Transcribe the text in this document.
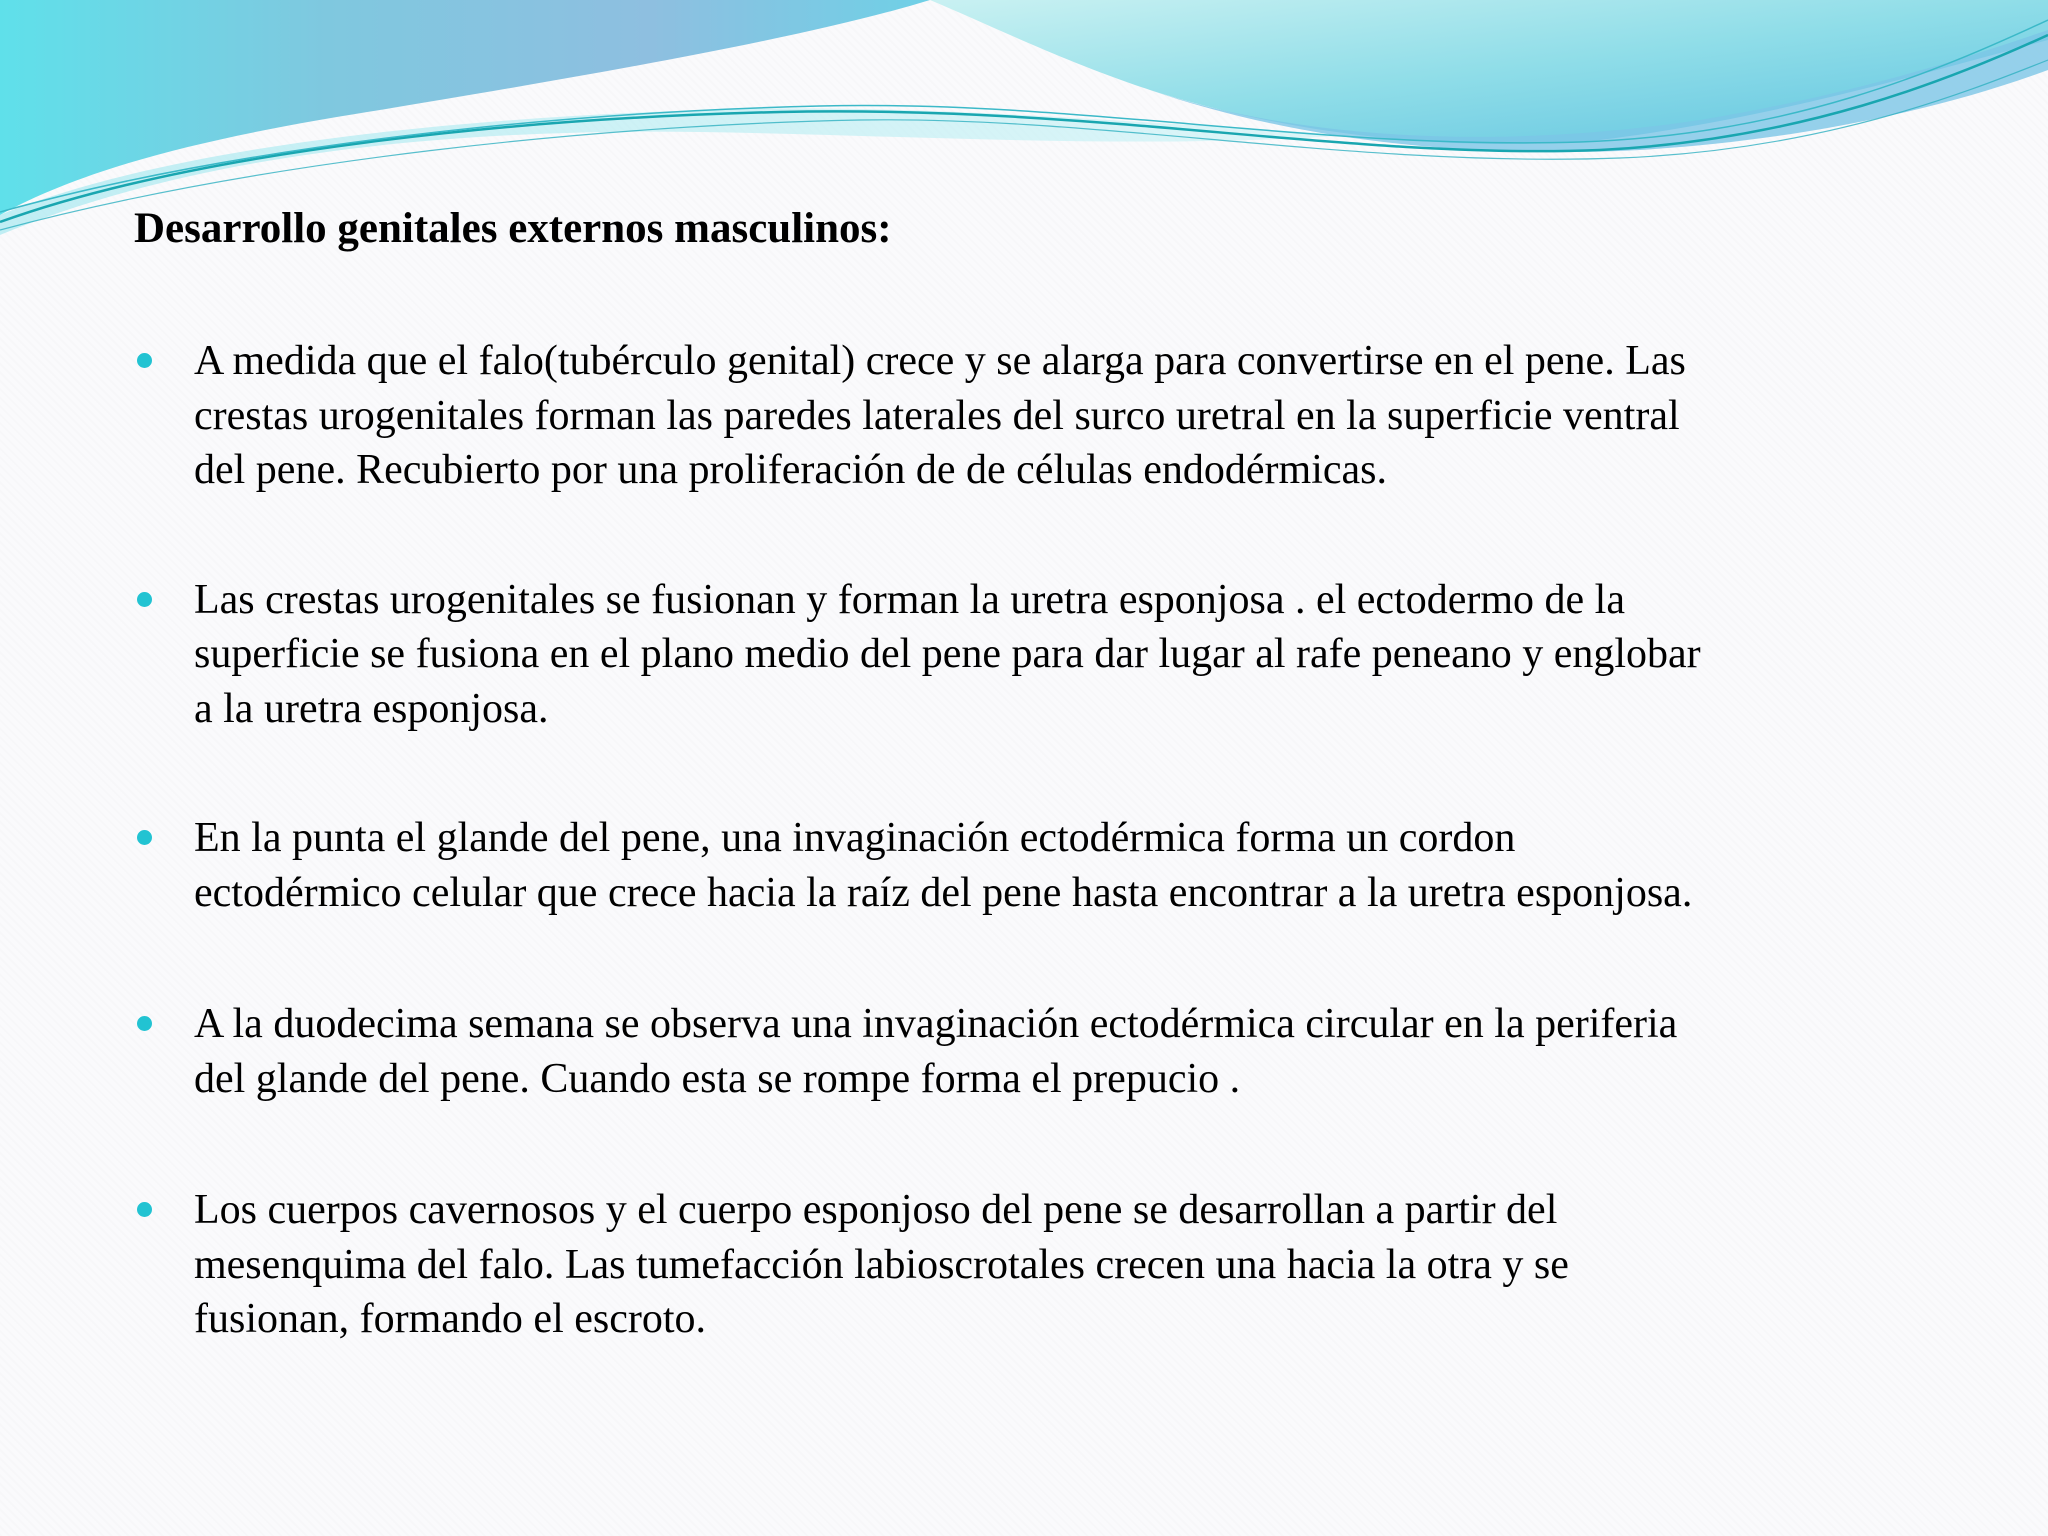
Desarrollo genitales externos masculinos:
A medida que el falo(tubérculo genital) crece y se alarga para convertirse en el pene. Las
crestas urogenitales forman las paredes laterales del surco uretral en la superficie ventral
del pene. Recubierto por una proliferación de de células endodérmicas.
Las crestas urogenitales se fusionan y forman la uretra esponjosa . el ectodermo de la
superficie se fusiona en el plano medio del pene para dar lugar al rafe peneano y englobar
a la uretra esponjosa.
En la punta el glande del pene, una invaginación ectodérmica forma un cordon
ectodérmico celular que crece hacia la raíz del pene hasta encontrar a la uretra esponjosa.
A la duodecima semana se observa una invaginación ectodérmica circular en la periferia
del glande del pene. Cuando esta se rompe forma el prepucio .
Los cuerpos cavernosos y el cuerpo esponjoso del pene se desarrollan a partir del
mesenquima del falo. Las tumefacción labioscrotales crecen una hacia la otra y se
fusionan, formando el escroto.
